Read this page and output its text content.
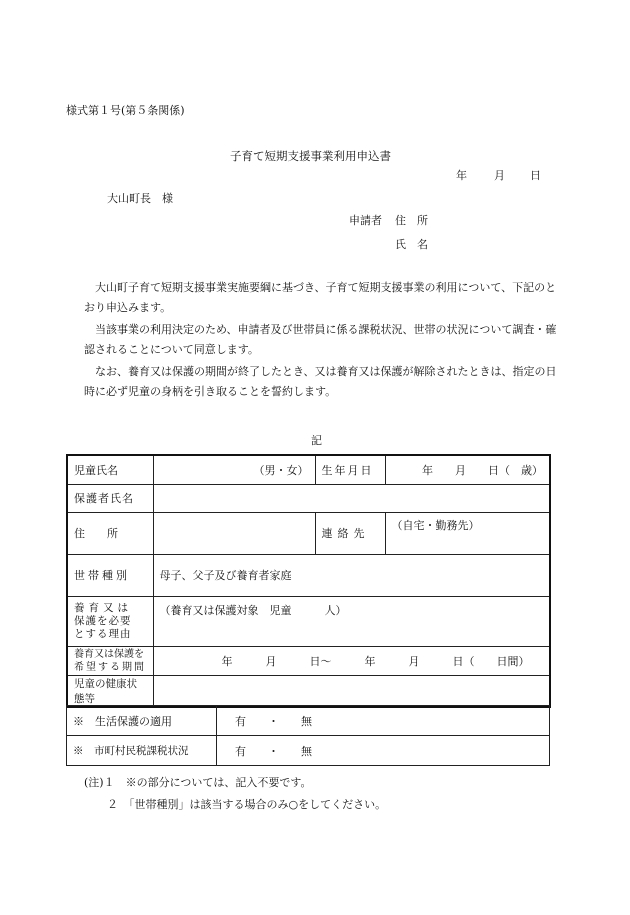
様式第１号(第５条関係)
子育て短期支援事業利用申込書
年 月 日
大山町長　様
申請者 住　所
氏　名
大山町子育て短期支援事業実施要綱に基づき、子育て短期支援事業の利用について、下記のとおり申込みます。
当該事業の利用決定のため、申請者及び世帯員に係る課税状況、世帯の状況について調査・確認されることについて同意します。
なお、養育又は保護の期間が終了したとき、又は養育又は保護が解除されたときは、指定の日時に必ず児童の身柄を引き取ることを誓約します。
記
児童氏名	（男・女）	生年月日	年　　月　　日（　歳）
保護者氏名			
住　　所		連絡先	（自宅・勤務先）
世帯種別	母子、父子及び養育者家庭		

養育又は
保護を必要
とする理由	（養育又は保護対象　児童　　　人）		

養育又は保護を
希望する期間	年　　　月　　　日～　　　年　　　月　　　日（　　日間）		
児童の健康状態等			
※　生活保護の適用	有　　・　　無
※　市町村民税課税状況	有　　・　　無
(注)１　※の部分については、記入不要です。
２　「世帯種別」は該当する場合のみ○をしてください。
